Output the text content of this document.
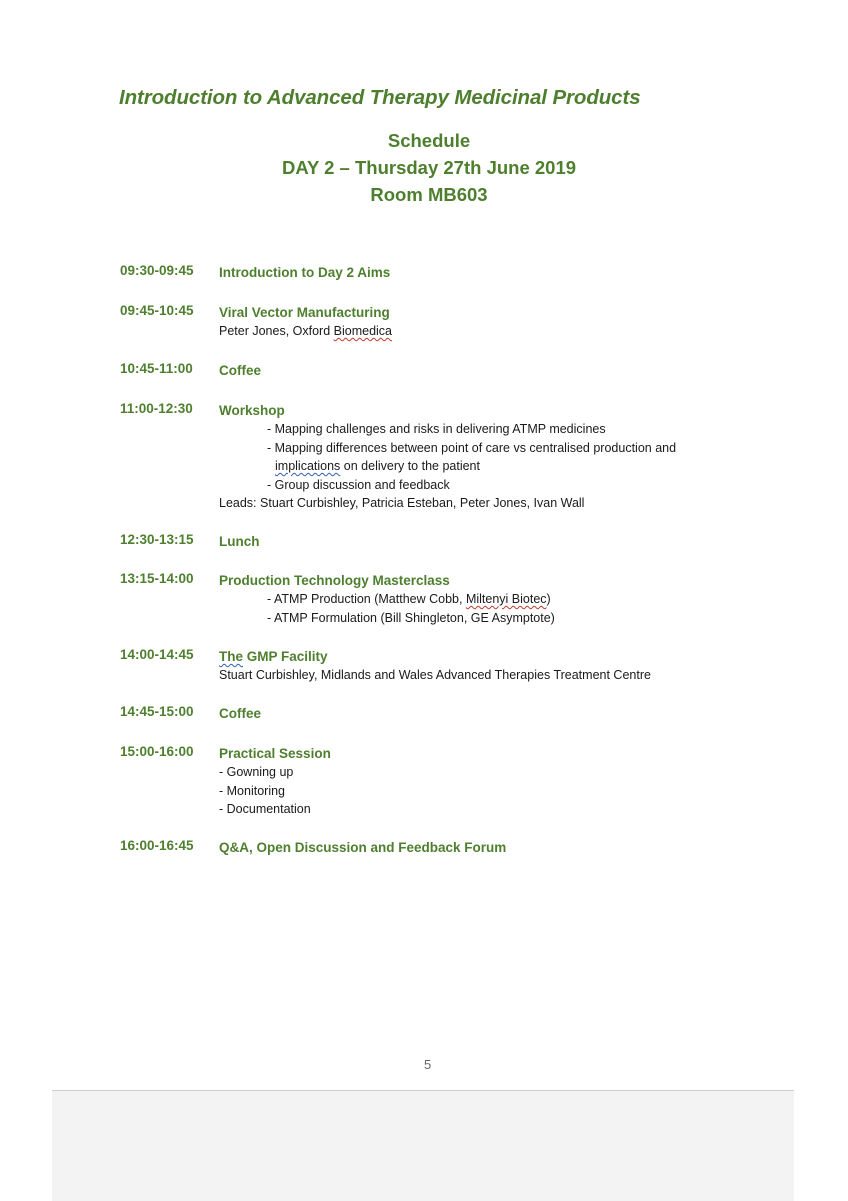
Introduction to Advanced Therapy Medicinal Products
Schedule
DAY 2 – Thursday 27th June 2019
Room MB603
09:30-09:45	Introduction to Day 2 Aims
09:45-10:45	Viral Vector Manufacturing
Peter Jones, Oxford Biomedica
10:45-11:00	Coffee
11:00-12:30	Workshop
- Mapping challenges and risks in delivering ATMP medicines
- Mapping differences between point of care vs centralised production and
implications on delivery to the patient
- Group discussion and feedback
Leads: Stuart Curbishley, Patricia Esteban, Peter Jones, Ivan Wall
12:30-13:15	Lunch
13:15-14:00	Production Technology Masterclass
- ATMP Production (Matthew Cobb, Miltenyi Biotec)
- ATMP Formulation (Bill Shingleton, GE Asymptote)
14:00-14:45	The GMP Facility
Stuart Curbishley, Midlands and Wales Advanced Therapies Treatment Centre
14:45-15:00	Coffee
15:00-16:00	Practical Session
- Gowning up
- Monitoring
- Documentation
16:00-16:45	Q&A, Open Discussion and Feedback Forum
5
